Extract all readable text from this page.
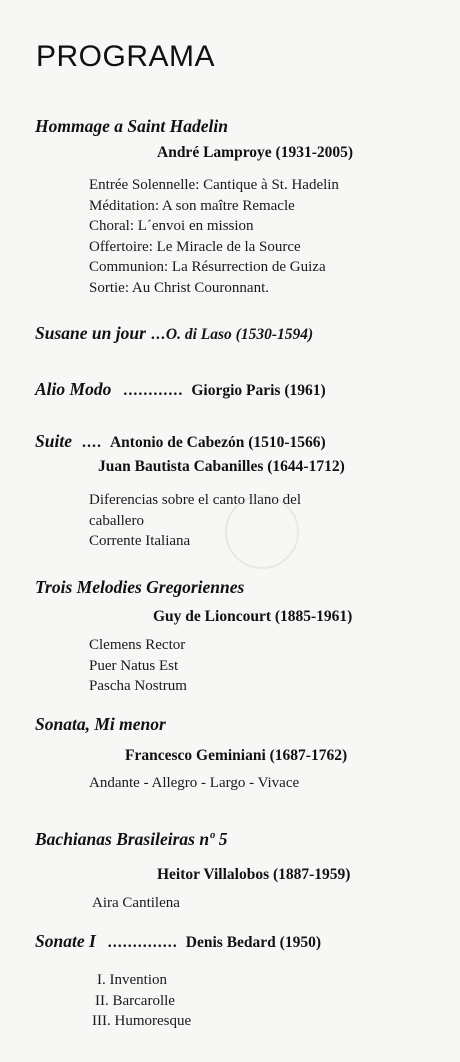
PROGRAMA
Hommage a Saint Hadelin
André Lamproye (1931-2005)
Entrée Solennelle: Cantique à St. Hadelin
Méditation: A son maître Remacle
Choral: L´envoi en mission
Offertoire: Le Miracle de la Source
Communion: La Résurrection de Guiza
Sortie: Au Christ Couronnant.
Susane un jour ...O. di Laso (1530-1594)
Alio Modo ............ Giorgio Paris (1961)
Suite .... Antonio de Cabezón (1510-1566)
Juan Bautista Cabanilles (1644-1712)
Diferencias sobre el canto llano del
caballero
Corrente Italiana
Trois Melodies Gregoriennes
Guy de Lioncourt (1885-1961)
Clemens Rector
Puer Natus Est
Pascha Nostrum
Sonata, Mi menor
Francesco Geminiani (1687-1762)
Andante - Allegro - Largo - Vivace
Bachianas Brasileiras nº 5
Heitor Villalobos (1887-1959)
Aira Cantilena
Sonate I .............. Denis Bedard (1950)
I. Invention
II. Barcarolle
III. Humoresque
